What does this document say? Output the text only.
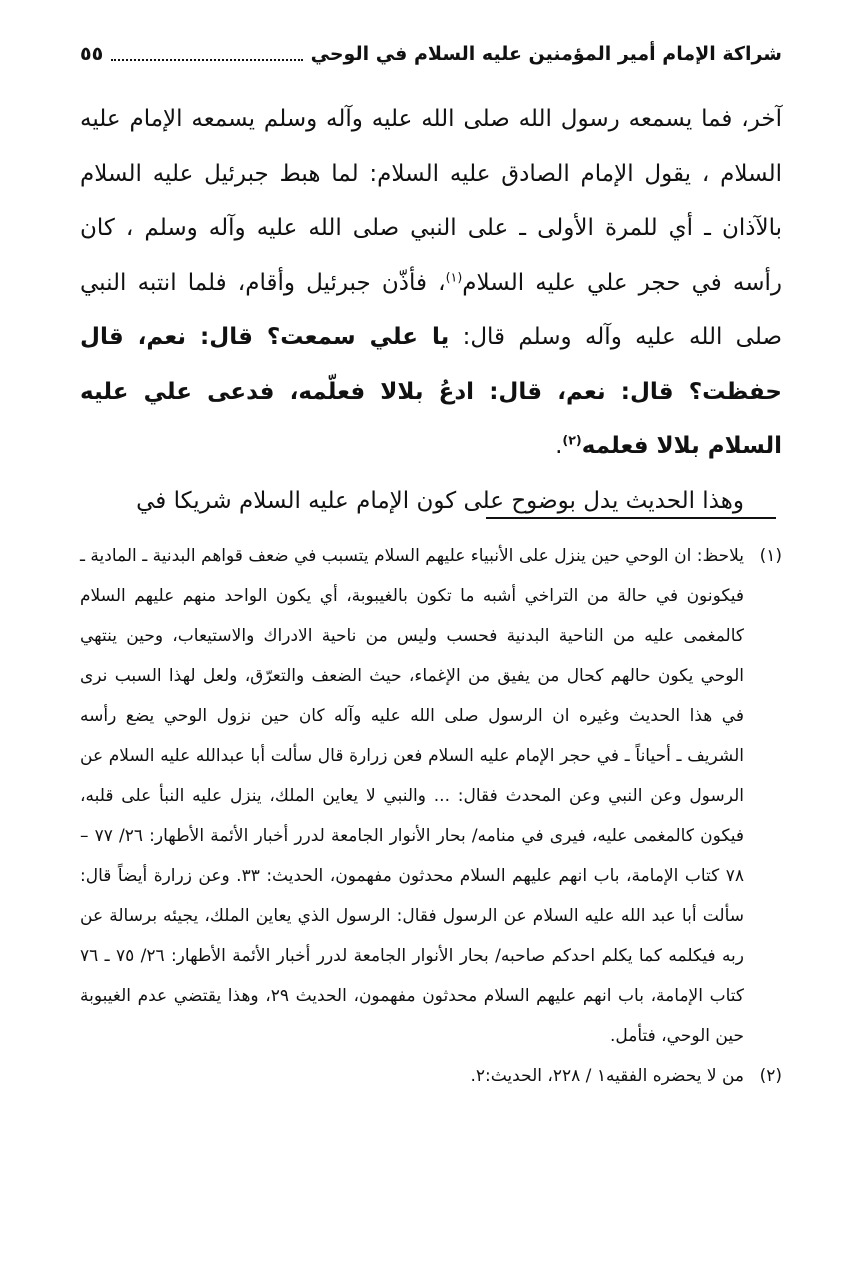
شراكة الإمام أمير المؤمنين عليه السلام في الوحي
٥٥

آخر، فما يسمعه رسول الله صلى الله عليه وآله وسلم يسمعه الإمام عليه السلام ، يقول الإمام الصادق عليه السلام: لما هبط جبرئيل عليه السلام بالآذان ـ أي للمرة الأولى ـ على النبي صلى الله عليه وآله وسلم ، كان رأسه في حجر علي عليه السلام$^{(١)}$، فأذّن جبرئيل وأقام، فلما انتبه النبي صلى الله عليه وآله وسلم قال: يا علي سمعت؟ قال: نعم، قال حفظت؟ قال: نعم، قال: ادعُ بلالا فعلّمه، فدعى علي عليه السلام بلالا فعلمه$^{(٢)}$.

وهذا الحديث يدل بوضوح على كون الإمام عليه السلام شريكا في

(١)
يلاحظ: ان الوحي حين ينزل على الأنبياء عليهم السلام يتسبب في ضعف قواهم البدنية ـ المادية ـ فيكونون في حالة من التراخي أشبه ما تكون بالغيبوبة، أي يكون الواحد منهم عليهم السلام كالمغمى عليه من الناحية البدنية فحسب وليس من ناحية الادراك والاستيعاب، وحين ينتهي الوحي يكون حالهم كحال من يفيق من الإغماء، حيث الضعف والتعرّق، ولعل لهذا السبب نرى في هذا الحديث وغيره ان الرسول صلى الله عليه وآله كان حين نزول الوحي يضع رأسه الشريف ـ أحياناً ـ في حجر الإمام عليه السلام فعن زرارة قال سألت أبا عبدالله عليه السلام عن الرسول وعن النبي وعن المحدث فقال: ... والنبي لا يعاين الملك، ينزل عليه النبأ على قلبه، فيكون كالمغمى عليه، فيرى في منامه/ بحار الأنوار الجامعة لدرر أخبار الأئمة الأطهار: ٢٦/ ٧٧ – ٧٨ كتاب الإمامة، باب انهم عليهم السلام محدثون مفهمون، الحديث: ٣٣. وعن زرارة أيضاً قال: سألت أبا عبد الله عليه السلام عن الرسول فقال: الرسول الذي يعاين الملك، يجيئه برسالة عن ربه فيكلمه كما يكلم احدكم صاحبه/ بحار الأنوار الجامعة لدرر أخبار الأئمة الأطهار: ٢٦/ ٧٥ ـ ٧٦ كتاب الإمامة، باب انهم عليهم السلام محدثون مفهمون، الحديث ٢٩، وهذا يقتضي عدم الغيبوبة حين الوحي، فتأمل.
(٢)
من لا يحضره الفقيه١ / ٢٢٨، الحديث:٢.
